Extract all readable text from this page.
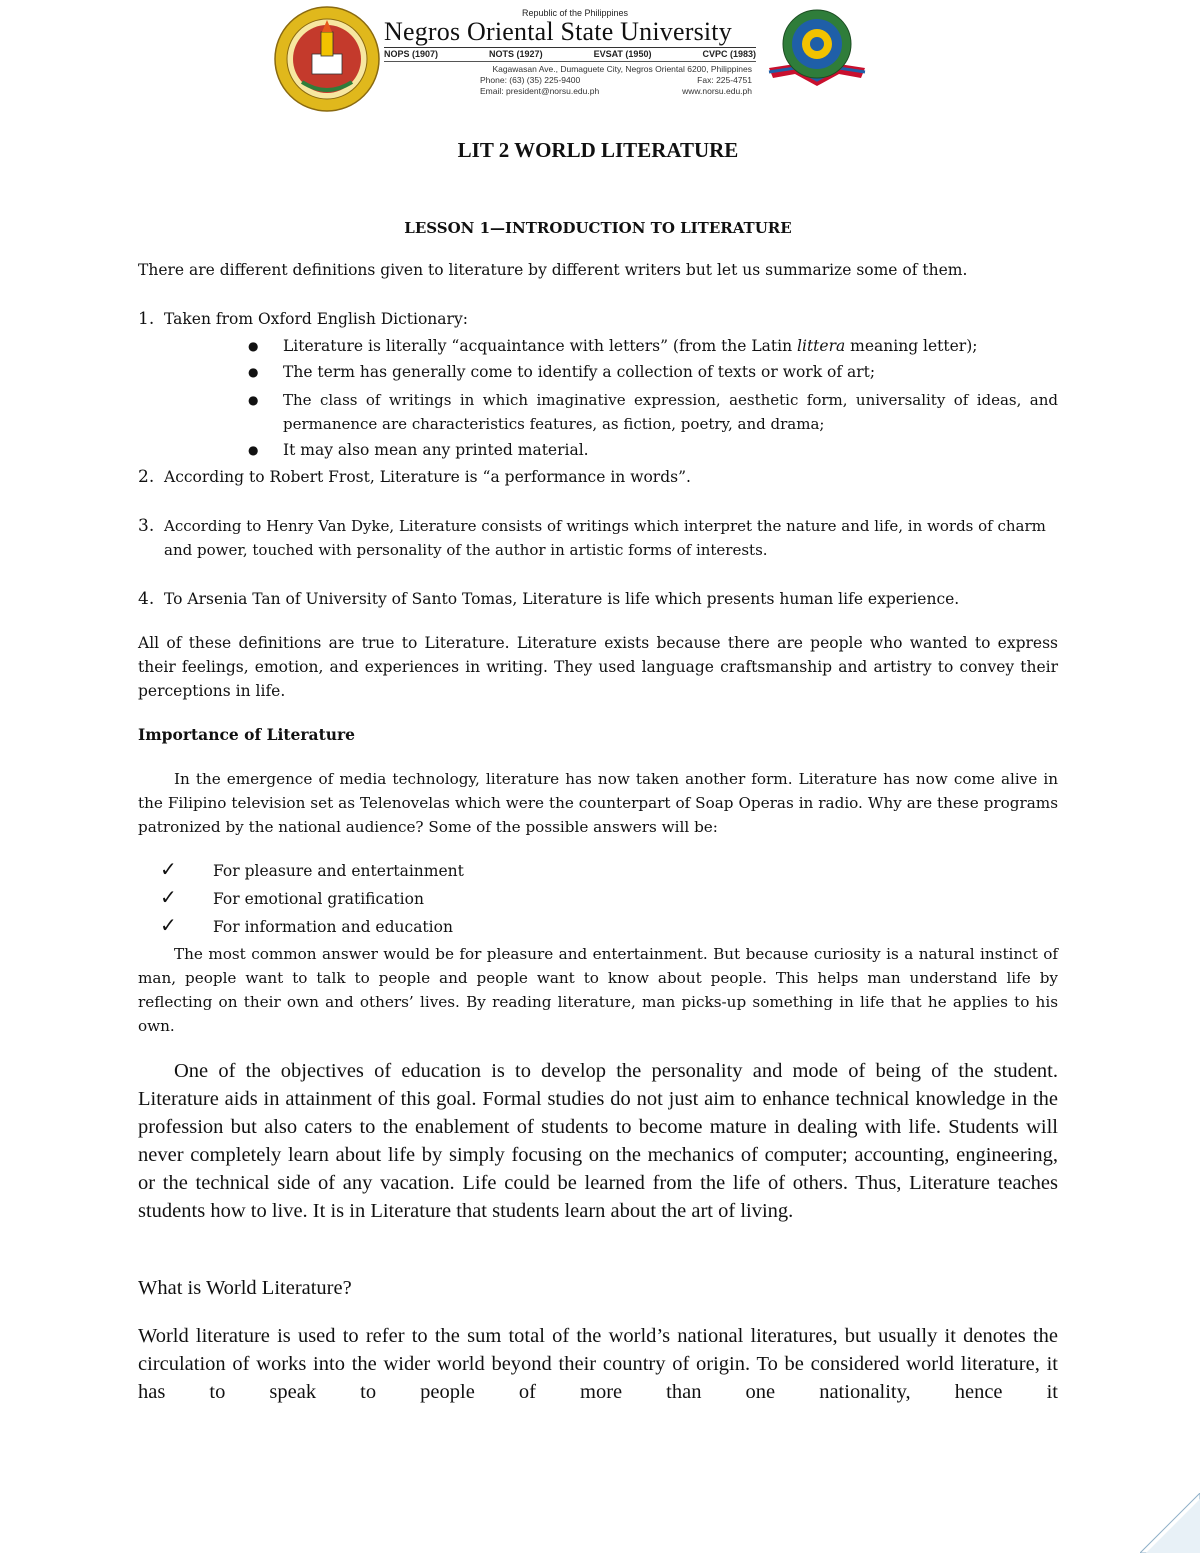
Republic of the Philippines
Negros Oriental State University
NOPS (1907)	NOTS (1927)	EVSAT (1950)	CVPC (1983)
Kagawasan Ave., Dumaguete City, Negros Oriental 6200, Philippines
Phone: (63) (35) 225-9400	Fax: 225-4751
Email: president@norsu.edu.ph	www.norsu.edu.ph
LIT 2 WORLD LITERATURE
LESSON 1—INTRODUCTION TO LITERATURE
There are different definitions given to literature by different writers but let us summarize some of them.
1. Taken from Oxford English Dictionary:
● Literature is literally “acquaintance with letters” (from the Latin littera meaning letter);
● The term has generally come to identify a collection of texts or work of art;
● The class of writings in which imaginative expression, aesthetic form, universality of ideas, and permanence are characteristics features, as fiction, poetry, and drama;
● It may also mean any printed material.
2. According to Robert Frost, Literature is “a performance in words”.
3. According to Henry Van Dyke, Literature consists of writings which interpret the nature and life, in words of charm and power, touched with personality of the author in artistic forms of interests.
4. To Arsenia Tan of University of Santo Tomas, Literature is life which presents human life experience.
All of these definitions are true to Literature. Literature exists because there are people who wanted to express their feelings, emotion, and experiences in writing. They used language craftsmanship and artistry to convey their perceptions in life.
Importance of Literature
In the emergence of media technology, literature has now taken another form. Literature has now come alive in the Filipino television set as Telenovelas which were the counterpart of Soap Operas in radio. Why are these programs patronized by the national audience? Some of the possible answers will be:
✓ For pleasure and entertainment
✓ For emotional gratification
✓ For information and education
The most common answer would be for pleasure and entertainment. But because curiosity is a natural instinct of man, people want to talk to people and people want to know about people. This helps man understand life by reflecting on their own and others’ lives. By reading literature, man picks-up something in life that he applies to his own.
One of the objectives of education is to develop the personality and mode of being of the student. Literature aids in attainment of this goal. Formal studies do not just aim to enhance technical knowledge in the profession but also caters to the enablement of students to become mature in dealing with life. Students will never completely learn about life by simply focusing on the mechanics of computer; accounting, engineering, or the technical side of any vacation. Life could be learned from the life of others. Thus, Literature teaches students how to live. It is in Literature that students learn about the art of living.
What is World Literature?
World literature is used to refer to the sum total of the world’s national literatures, but usually it denotes the circulation of works into the wider world beyond their country of origin. To be considered world literature, it has to speak to people of more than one nationality, hence it
